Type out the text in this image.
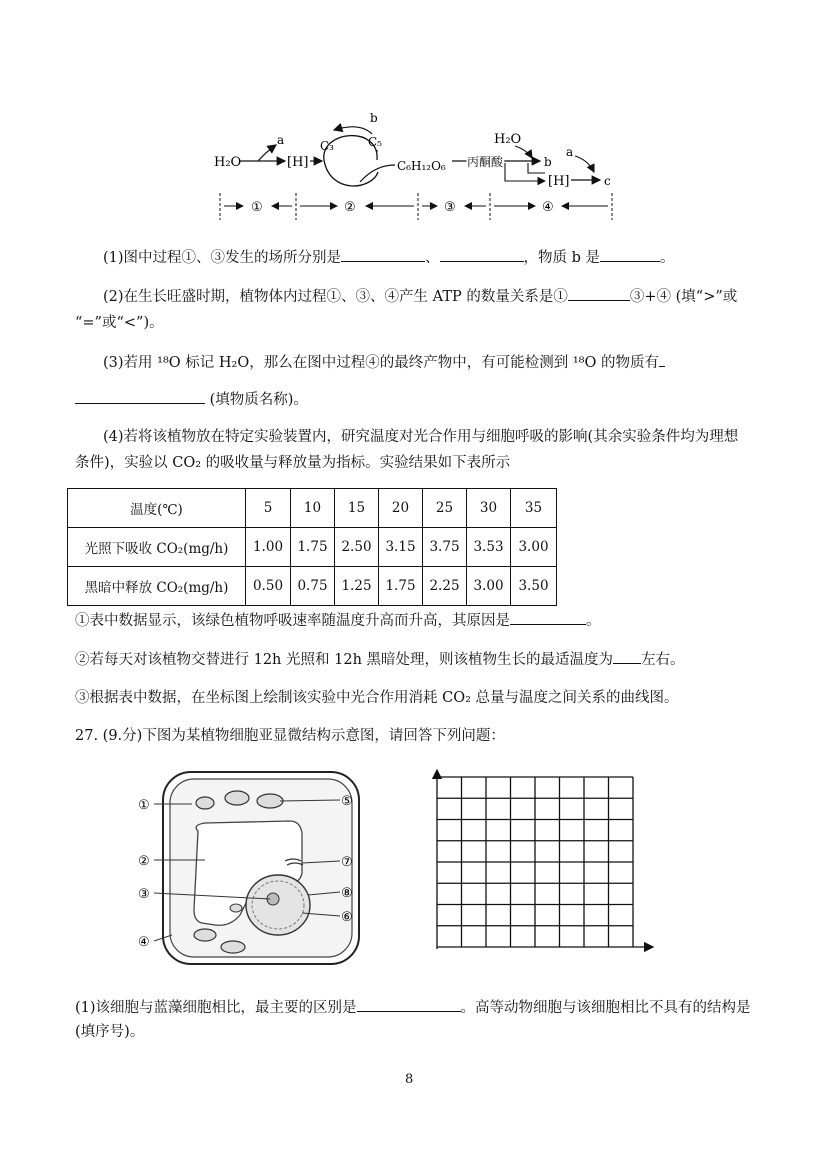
H₂O
a
[H]
C₃	C₅
b
C₆H₁₂O₆ 丙酮酸	b
H₂O
[H]
a
c
①	②	③	④
(1)图中过程①、③发生的场所分别是	、	，物质 b 是	。
(2)在生长旺盛时期，植物体内过程①、③、④产生 ATP 的数量关系是①	③+④ (填“>”或
“=”或“<”)。
(3)若用 ¹⁸O 标记 H₂O，那么在图中过程④的最终产物中，有可能检测到 ¹⁸O 的物质有
(填物质名称)。
(4)若将该植物放在特定实验装置内，研究温度对光合作用与细胞呼吸的影响(其余实验条件均为理想
条件)，实验以 CO₂ 的吸收量与释放量为指标。实验结果如下表所示
温度(℃)	5	10	15	20	25	30	35
光照下吸收 CO₂(mg/h)	1.00	1.75	2.50	3.15	3.75	3.53	3.00
黑暗中释放 CO₂(mg/h)	0.50	0.75	1.25	1.75	2.25	3.00	3.50
①表中数据显示，该绿色植物呼吸速率随温度升高而升高，其原因是	。
②若每天对该植物交替进行 12h 光照和 12h 黑暗处理，则该植物生长的最适温度为 左右。
③根据表中数据，在坐标图上绘制该实验中光合作用消耗 CO₂ 总量与温度之间关系的曲线图。
27. (9.分)下图为某植物细胞亚显微结构示意图，请回答下列问题：
①
②
③
④
⑤
⑦
⑧
⑥
(1)该细胞与蓝藻细胞相比，最主要的区别是	。高等动物细胞与该细胞相比不具有的结构是
(填序号)。
8
